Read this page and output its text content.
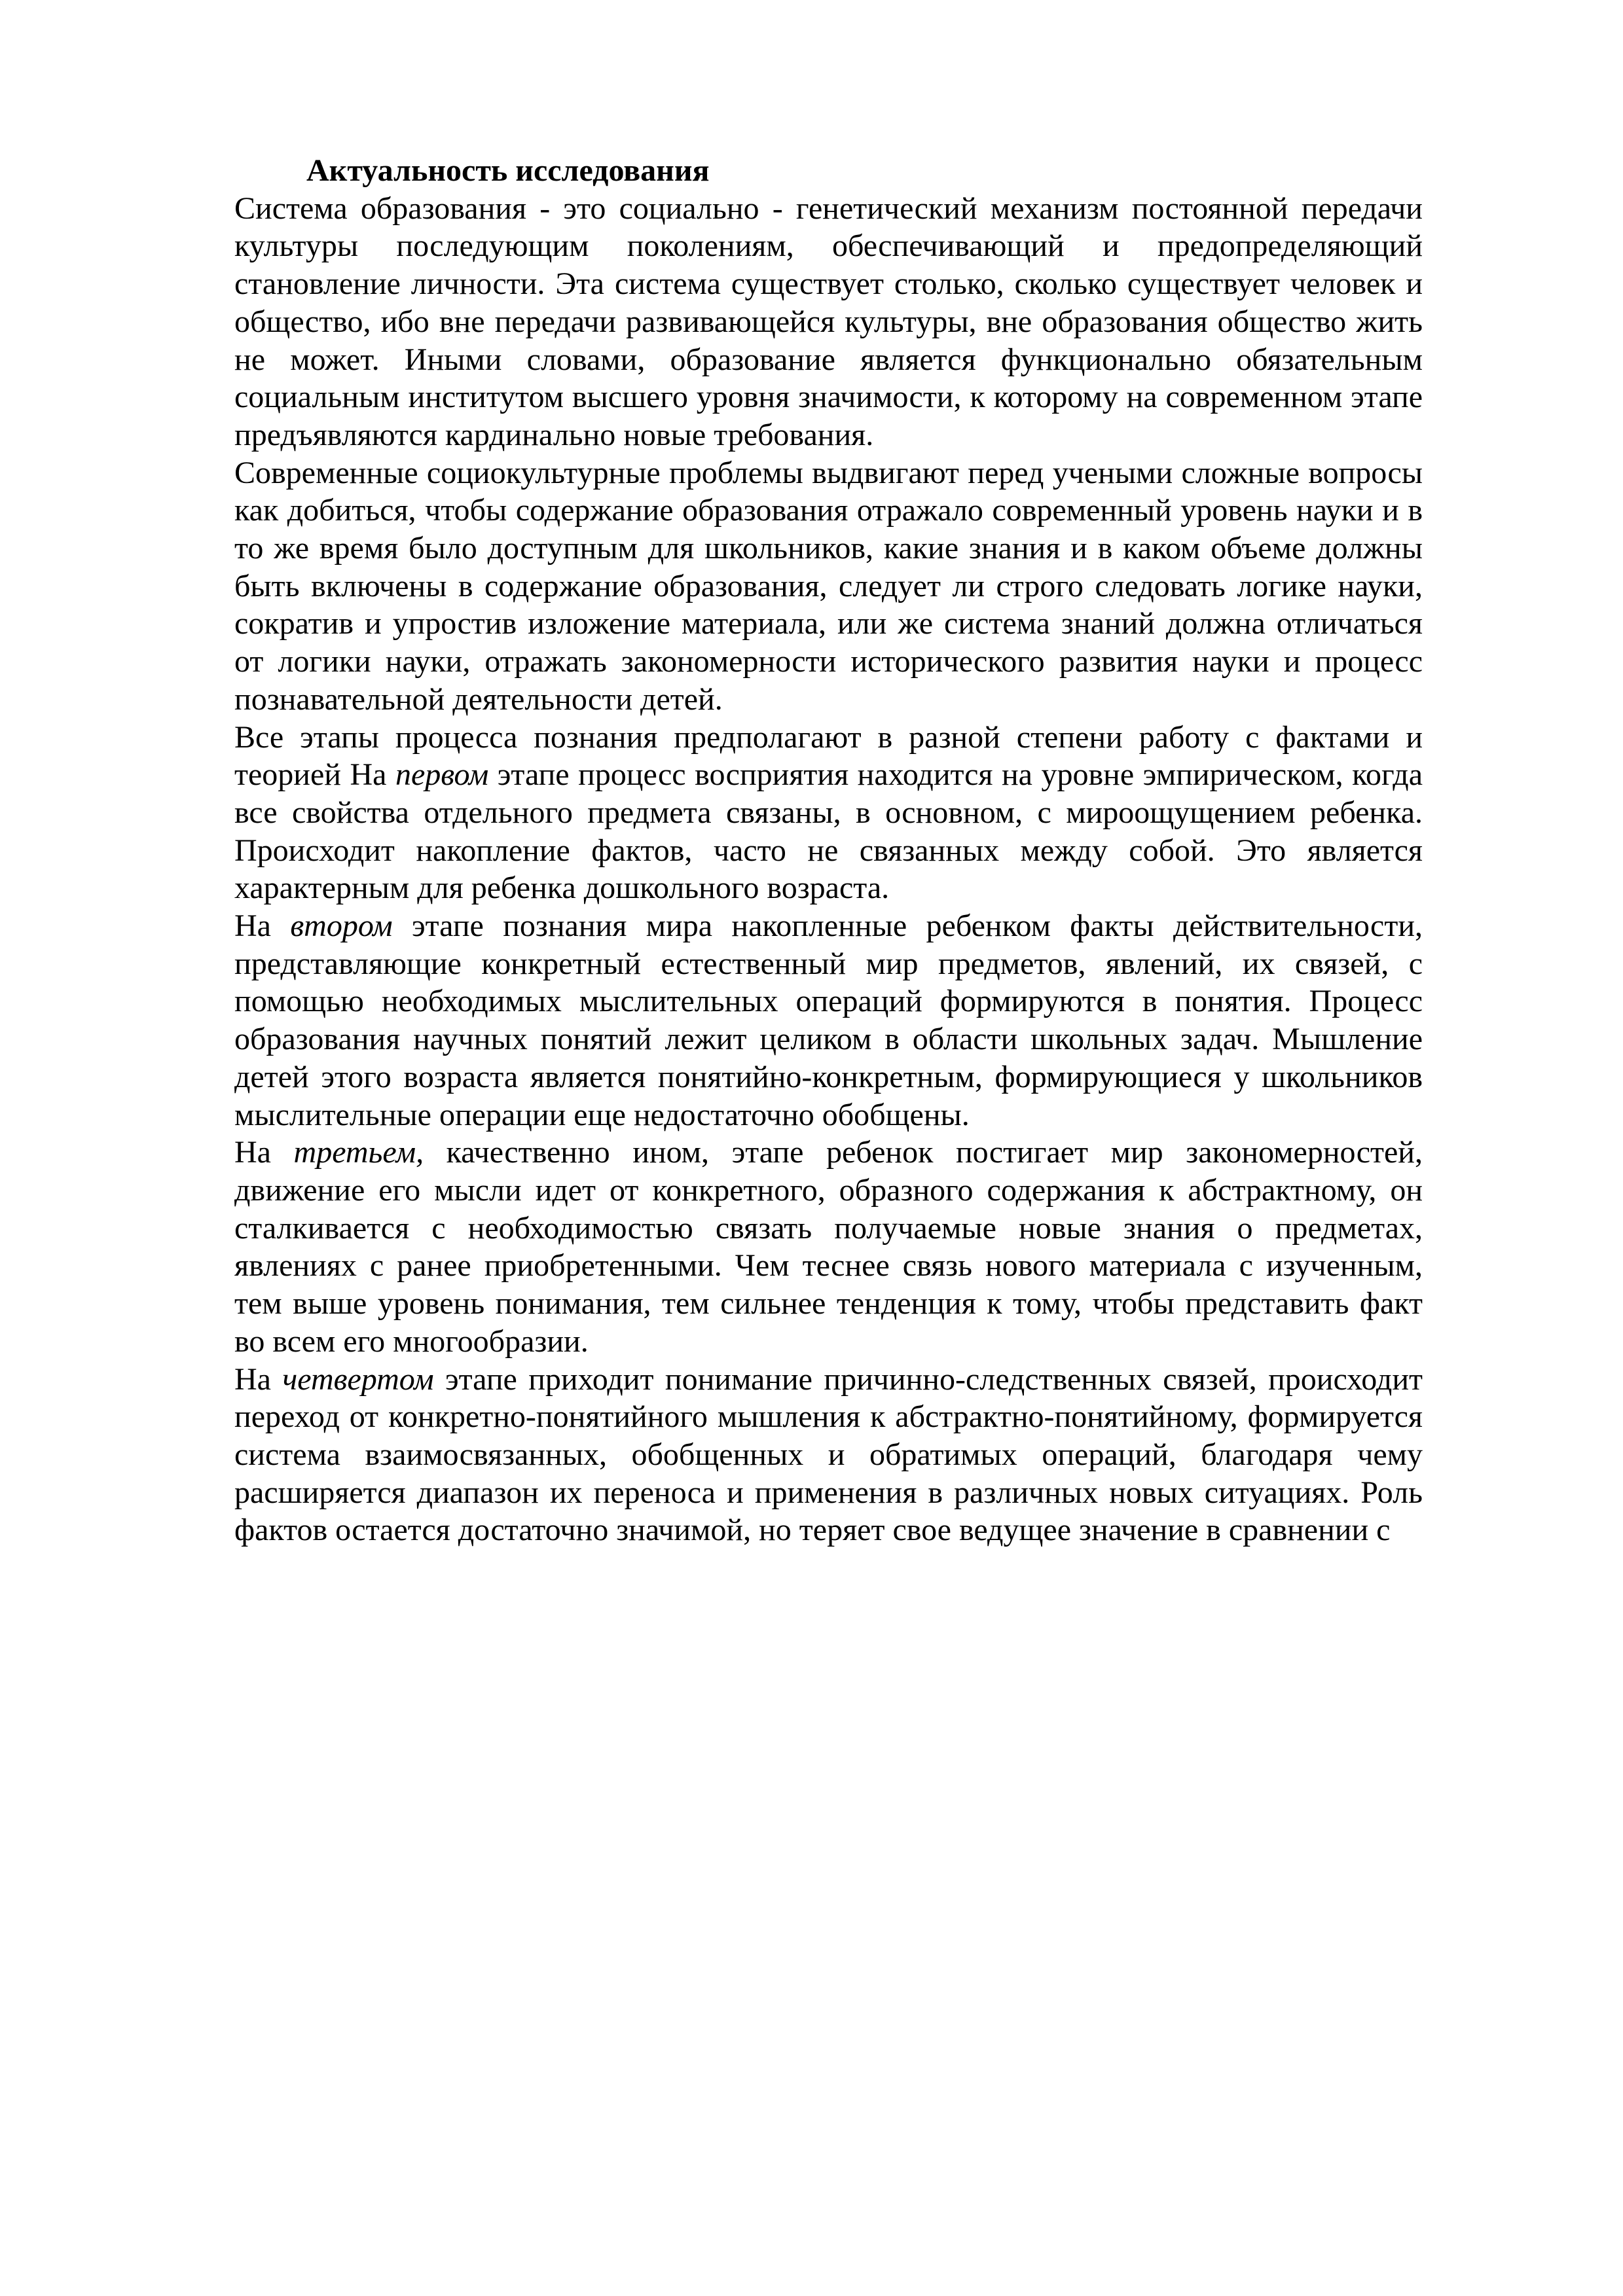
Актуальность исследования

Система образования - это социально - генетический механизм постоянной передачи культуры последующим поколениям, обеспечивающий и предопределяющий становление личности. Эта система существует столько, сколько существует человек и общество, ибо вне передачи развивающейся культуры, вне образования общество жить не может. Иными словами, образование является функционально обязательным социальным институтом высшего уровня значимости, к которому на современном этапе предъявляются кардинально новые требования.

Современные социокультурные проблемы выдвигают перед учеными сложные вопросы как добиться, чтобы содержание образования отражало современный уровень науки и в то же время было доступным для школьников, какие знания и в каком объеме должны быть включены в содержание образования, следует ли строго следовать логике науки, сократив и упростив изложение материала, или же система знаний должна отличаться от логики науки, отражать закономерности исторического развития науки и процесс познавательной деятельности детей.

Все этапы процесса познания предполагают в разной степени работу с фактами и теорией На первом этапе процесс восприятия находится на уровне эмпирическом, когда все свойства отдельного предмета связаны, в основном, с мироощущением ребенка. Происходит накопление фактов, часто не связанных между собой. Это является характерным для ребенка дошкольного возраста.

На втором этапе познания мира накопленные ребенком факты действительности, представляющие конкретный естественный мир предметов, явлений, их связей, с помощью необходимых мыслительных операций формируются в понятия. Процесс образования научных понятий лежит целиком в области школьных задач. Мышление детей этого возраста является понятийно-конкретным, формирующиеся у школьников мыслительные операции еще недостаточно обобщены.

На третьем, качественно ином, этапе ребенок постигает мир закономерностей, движение его мысли идет от конкретного, образного содержания к абстрактному, он сталкивается с необходимостью связать получаемые новые знания о предметах, явлениях с ранее приобретенными. Чем теснее связь нового материала с изученным, тем выше уровень понимания, тем сильнее тенденция к тому, чтобы представить факт во всем его многообразии.

На четвертом этапе приходит понимание причинно-следственных связей, происходит переход от конкретно-понятийного мышления к абстрактно-понятийному, формируется система взаимосвязанных, обобщенных и обратимых операций, благодаря чему расширяется диапазон их переноса и применения в различных новых ситуациях. Роль фактов остается достаточно значимой, но теряет свое ведущее значение в сравнении с
